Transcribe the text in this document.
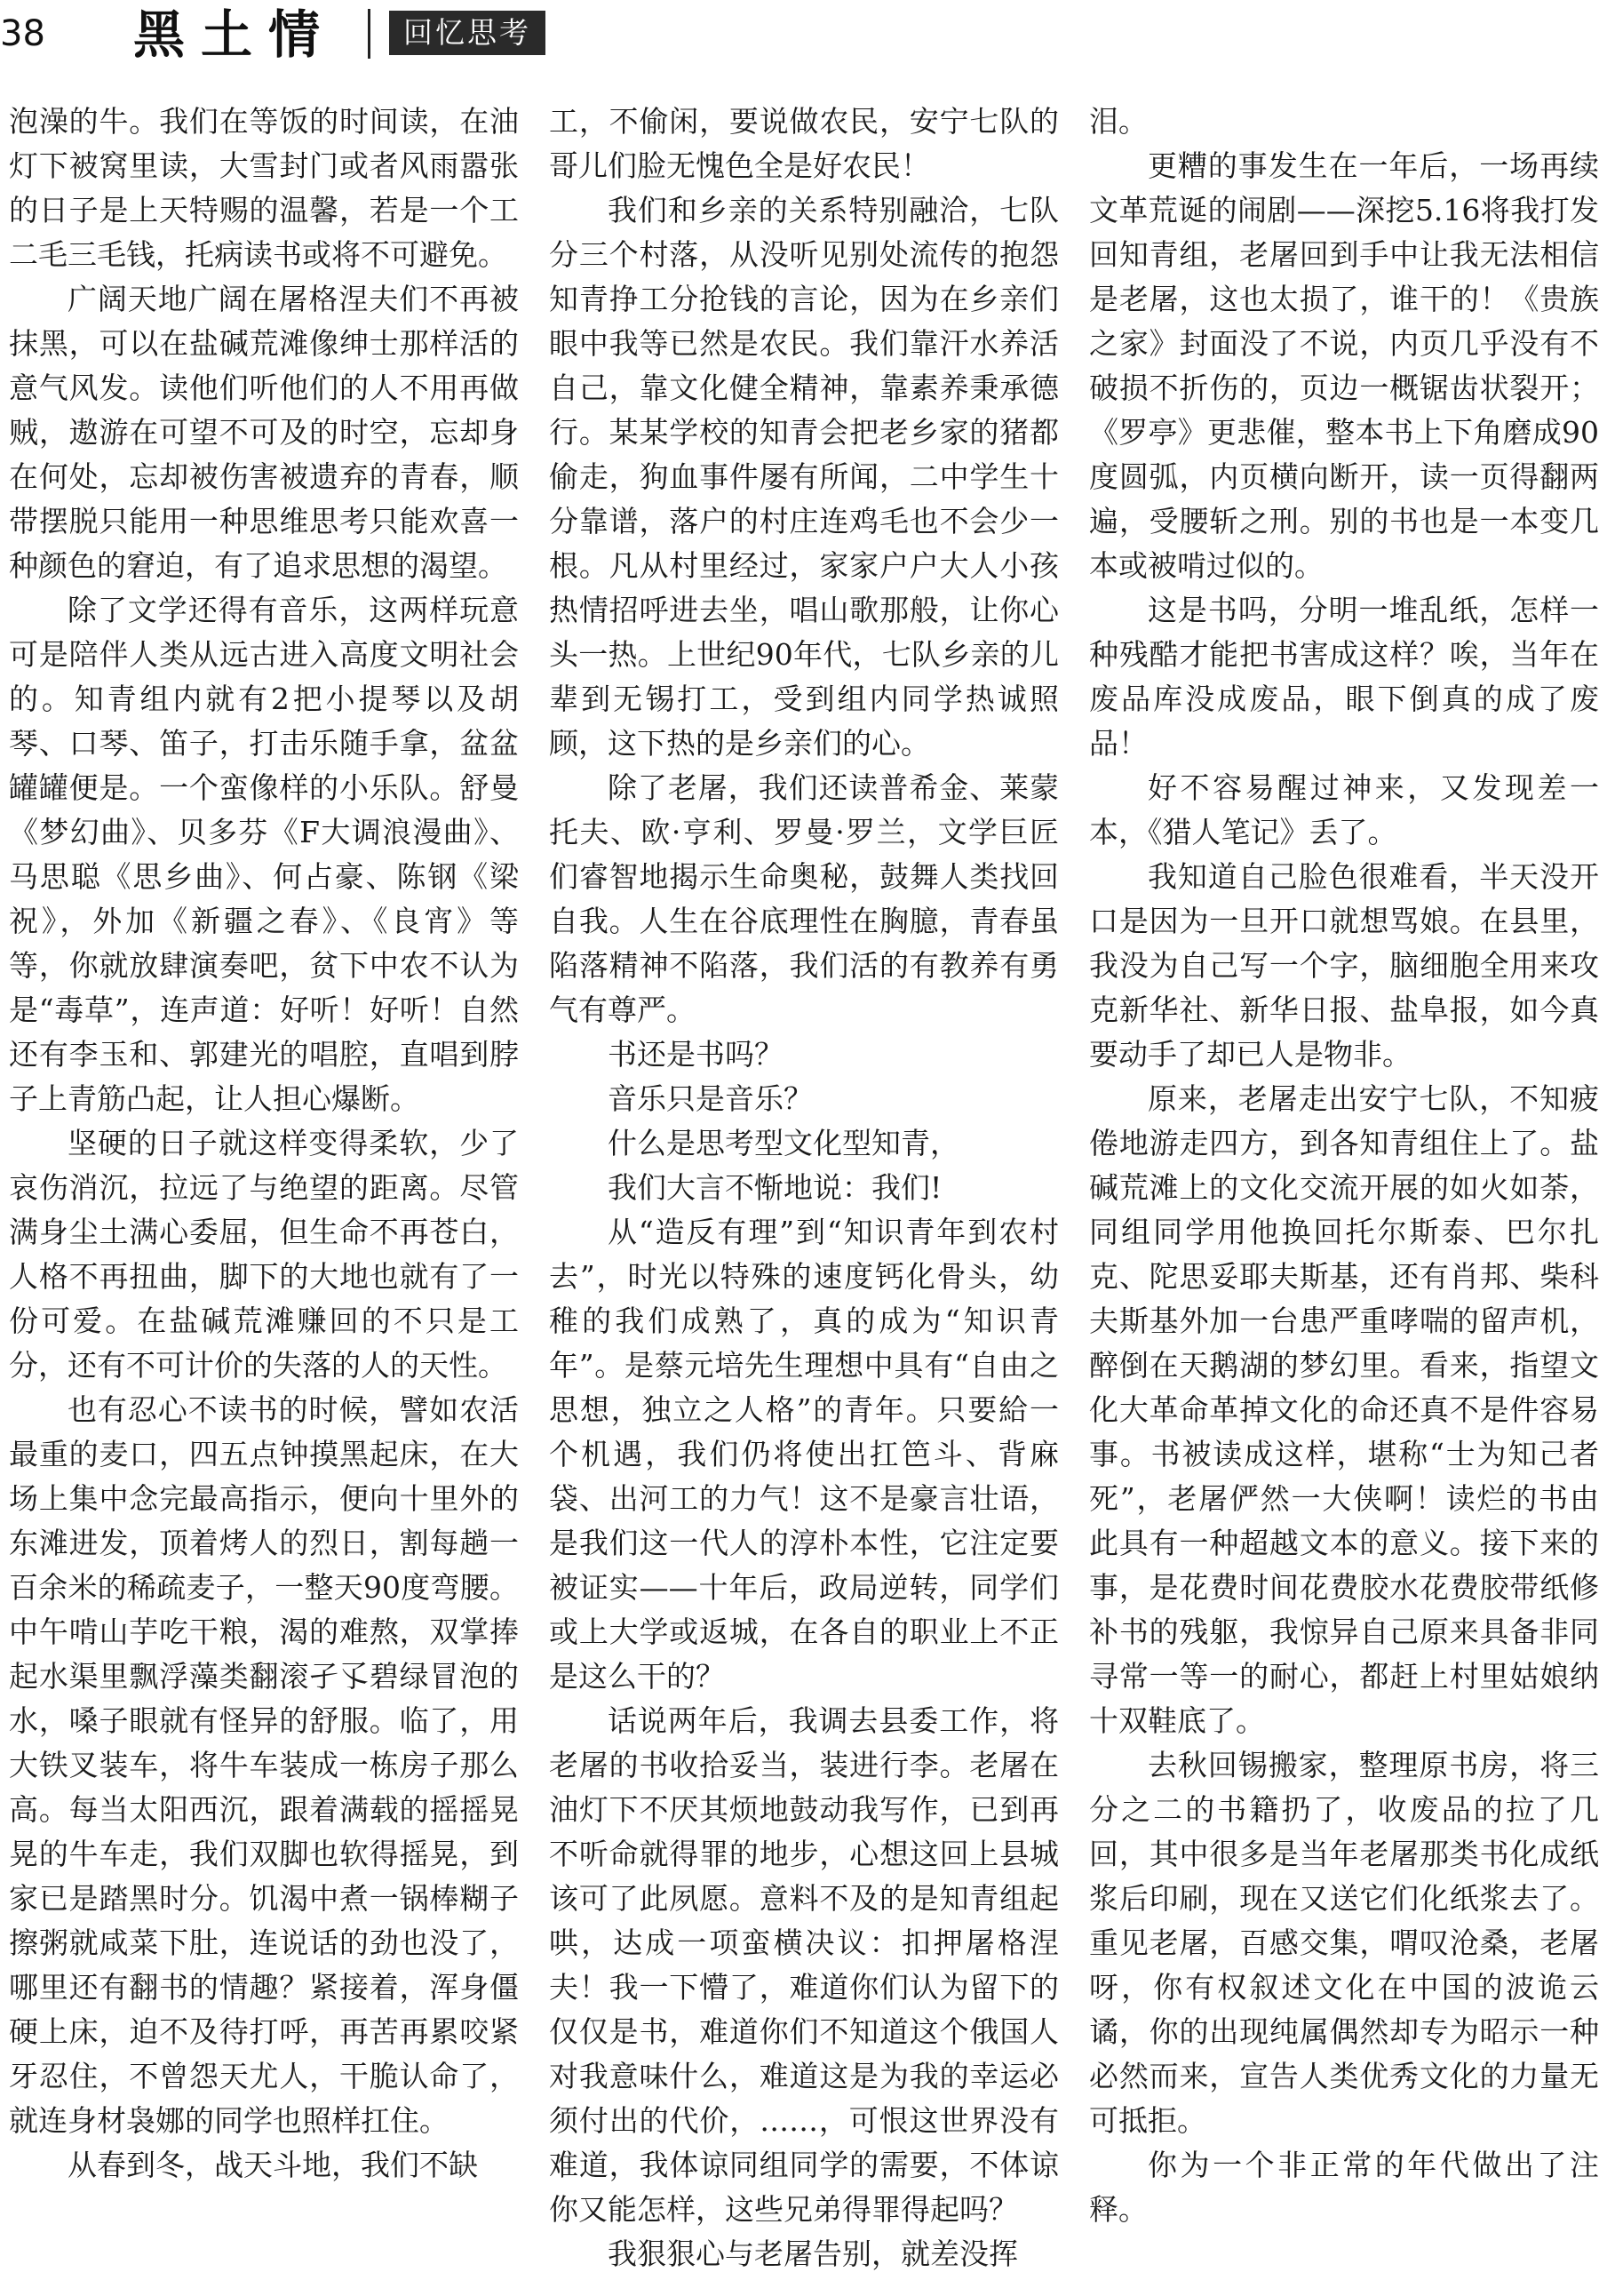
38 黑土情	回忆思考

泡澡的牛。我们在等饭的时间读，在油灯下被窝里读，大雪封门或者风雨嚣张的日子是上天特赐的温馨，若是一个工二毛三毛钱，托病读书或将不可避免。

广阔天地广阔在屠格涅夫们不再被抹黑，可以在盐碱荒滩像绅士那样活的意气风发。读他们听他们的人不用再做贼，遨游在可望不可及的时空，忘却身在何处，忘却被伤害被遗弃的青春，顺带摆脱只能用一种思维思考只能欢喜一种颜色的窘迫，有了追求思想的渴望。

除了文学还得有音乐，这两样玩意可是陪伴人类从远古进入高度文明社会的。知青组内就有2把小提琴以及胡琴、口琴、笛子，打击乐随手拿，盆盆罐罐便是。一个蛮像样的小乐队。舒曼《梦幻曲》、贝多芬《F大调浪漫曲》、马思聪《思乡曲》、何占豪、陈钢《梁祝》，外加《新疆之春》、《良宵》等等，你就放肆演奏吧，贫下中农不认为是“毒草”，连声道：好听！好听！自然还有李玉和、郭建光的唱腔，直唱到脖子上青筋凸起，让人担心爆断。

坚硬的日子就这样变得柔软，少了哀伤消沉，拉远了与绝望的距离。尽管满身尘土满心委屈，但生命不再苍白，人格不再扭曲，脚下的大地也就有了一份可爱。在盐碱荒滩赚回的不只是工分，还有不可计价的失落的人的天性。

也有忍心不读书的时候，譬如农活最重的麦口，四五点钟摸黑起床，在大场上集中念完最高指示，便向十里外的东滩进发，顶着烤人的烈日，割每趟一百余米的稀疏麦子，一整天90度弯腰。中午啃山芋吃干粮，渴的难熬，双掌捧起水渠里飘浮藻类翻滚孑孓碧绿冒泡的水，嗓子眼就有怪异的舒服。临了，用大铁叉装车，将牛车装成一栋房子那么高。每当太阳西沉，跟着满载的摇摇晃晃的牛车走，我们双脚也软得摇晃，到家已是踏黑时分。饥渴中煮一锅棒糊子擦粥就咸菜下肚，连说话的劲也没了，哪里还有翻书的情趣？紧接着，浑身僵硬上床，迫不及待打呼，再苦再累咬紧牙忍住，不曾怨天尤人，干脆认命了，就连身材袅娜的同学也照样扛住。

从春到冬，战天斗地，我们不缺

工，不偷闲，要说做农民，安宁七队的哥儿们脸无愧色全是好农民！

我们和乡亲的关系特别融洽，七队分三个村落，从没听见别处流传的抱怨知青挣工分抢钱的言论，因为在乡亲们眼中我等已然是农民。我们靠汗水养活自己，靠文化健全精神，靠素养秉承德行。某某学校的知青会把老乡家的猪都偷走，狗血事件屡有所闻，二中学生十分靠谱，落户的村庄连鸡毛也不会少一根。凡从村里经过，家家户户大人小孩热情招呼进去坐，唱山歌那般，让你心头一热。上世纪90年代，七队乡亲的儿辈到无锡打工，受到组内同学热诚照顾，这下热的是乡亲们的心。

除了老屠，我们还读普希金、莱蒙托夫、欧·亨利、罗曼·罗兰，文学巨匠们睿智地揭示生命奥秘，鼓舞人类找回自我。人生在谷底理性在胸臆，青春虽陷落精神不陷落，我们活的有教养有勇气有尊严。

书还是书吗？

音乐只是音乐？

什么是思考型文化型知青，

我们大言不惭地说：我们!

从“造反有理”到“知识青年到农村去”，时光以特殊的速度钙化骨头，幼稚的我们成熟了，真的成为“知识青年”。是蔡元培先生理想中具有“自由之思想，独立之人格”的青年。只要給一个机遇，我们仍将使出扛笆斗、背麻袋、出河工的力气！这不是豪言壮语，是我们这一代人的淳朴本性，它注定要被证实——十年后，政局逆转，同学们或上大学或返城，在各自的职业上不正是这么干的？

话说两年后，我调去县委工作，将老屠的书收拾妥当，装进行李。老屠在油灯下不厌其烦地鼓动我写作，已到再不听命就得罪的地步，心想这回上县城该可了此夙愿。意料不及的是知青组起哄，达成一项蛮横决议：扣押屠格涅夫！我一下懵了，难道你们认为留下的仅仅是书，难道你们不知道这个俄国人对我意味什么，难道这是为我的幸运必须付出的代价，……，可恨这世界没有难道，我体谅同组同学的需要，不体谅你又能怎样，这些兄弟得罪得起吗？

我狠狠心与老屠告别，就差没挥

泪。

更糟的事发生在一年后，一场再续文革荒诞的闹剧——深挖5.16将我打发回知青组，老屠回到手中让我无法相信是老屠，这也太损了，谁干的！《贵族之家》封面没了不说，内页几乎没有不破损不折伤的，页边一概锯齿状裂开；《罗亭》更悲催，整本书上下角磨成90度圆弧，内页横向断开，读一页得翻两遍，受腰斩之刑。别的书也是一本变几本或被啃过似的。

这是书吗，分明一堆乱纸，怎样一种残酷才能把书害成这样？唉，当年在废品库没成废品，眼下倒真的成了废品！

好不容易醒过神来，又发现差一本，《猎人笔记》丢了。

我知道自己脸色很难看，半天没开口是因为一旦开口就想骂娘。在县里，我没为自己写一个字，脑细胞全用来攻克新华社、新华日报、盐阜报，如今真要动手了却已人是物非。

原来，老屠走出安宁七队，不知疲倦地游走四方，到各知青组住上了。盐碱荒滩上的文化交流开展的如火如荼，同组同学用他换回托尔斯泰、巴尔扎克、陀思妥耶夫斯基，还有肖邦、柴科夫斯基外加一台患严重哮喘的留声机，醉倒在天鹅湖的梦幻里。看来，指望文化大革命革掉文化的命还真不是件容易事。书被读成这样，堪称“士为知己者死”，老屠俨然一大侠啊！读烂的书由此具有一种超越文本的意义。接下来的事，是花费时间花费胶水花费胶带纸修补书的残躯，我惊异自己原来具备非同寻常一等一的耐心，都赶上村里姑娘纳十双鞋底了。

去秋回锡搬家，整理原书房，将三分之二的书籍扔了，收废品的拉了几回，其中很多是当年老屠那类书化成纸浆后印刷，现在又送它们化纸浆去了。重见老屠，百感交集，喟叹沧桑，老屠呀，你有权叙述文化在中国的波诡云谲，你的出现纯属偶然却专为昭示一种必然而来，宣告人类优秀文化的力量无可抵拒。

你为一个非正常的年代做出了注释。
